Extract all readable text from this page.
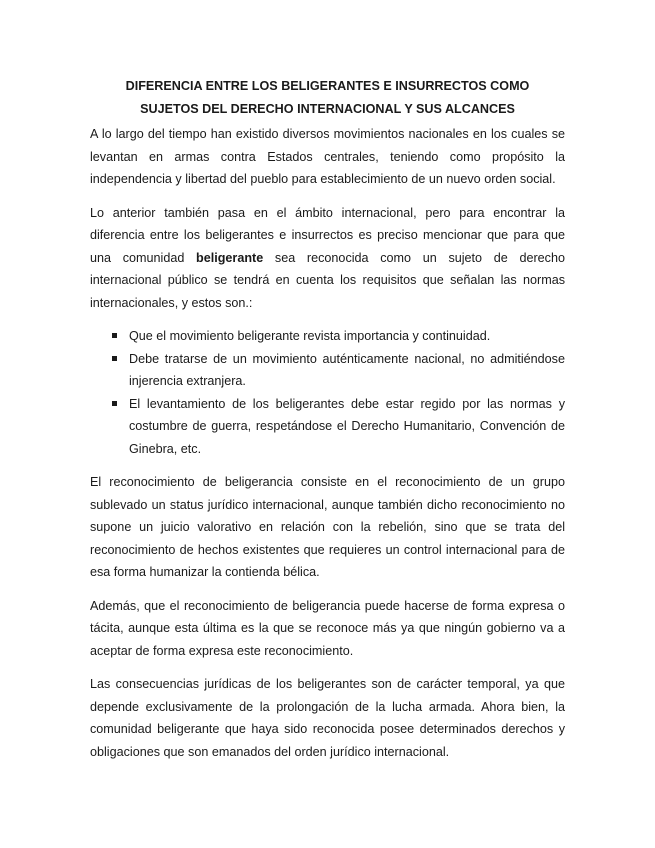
DIFERENCIA ENTRE LOS BELIGERANTES E INSURRECTOS COMO
SUJETOS DEL DERECHO INTERNACIONAL Y SUS ALCANCES

A lo largo del tiempo han existido diversos movimientos nacionales en los cuales se levantan en armas contra Estados centrales, teniendo como propósito la independencia y libertad del pueblo para establecimiento de un nuevo orden social.

Lo anterior también pasa en el ámbito internacional, pero para encontrar la diferencia entre los beligerantes e insurrectos es preciso mencionar que para que una comunidad beligerante sea reconocida como un sujeto de derecho internacional público se tendrá en cuenta los requisitos que señalan las normas internacionales, y estos son.:

Que el movimiento beligerante revista importancia y continuidad.
Debe tratarse de un movimiento auténticamente nacional, no admitiéndose injerencia extranjera.
El levantamiento de los beligerantes debe estar regido por las normas y costumbre de guerra, respetándose el Derecho Humanitario, Convención de Ginebra, etc.

El reconocimiento de beligerancia consiste en el reconocimiento de un grupo sublevado un status jurídico internacional, aunque también dicho reconocimiento no supone un juicio valorativo en relación con la rebelión, sino que se trata del reconocimiento de hechos existentes que requieres un control internacional para de esa forma humanizar la contienda bélica.

Además, que el reconocimiento de beligerancia puede hacerse de forma expresa o tácita, aunque esta última es la que se reconoce más ya que ningún gobierno va a aceptar de forma expresa este reconocimiento.

Las consecuencias jurídicas de los beligerantes son de carácter temporal, ya que depende exclusivamente de la prolongación de la lucha armada. Ahora bien, la comunidad beligerante que haya sido reconocida posee determinados derechos y obligaciones que son emanados del orden jurídico internacional.
